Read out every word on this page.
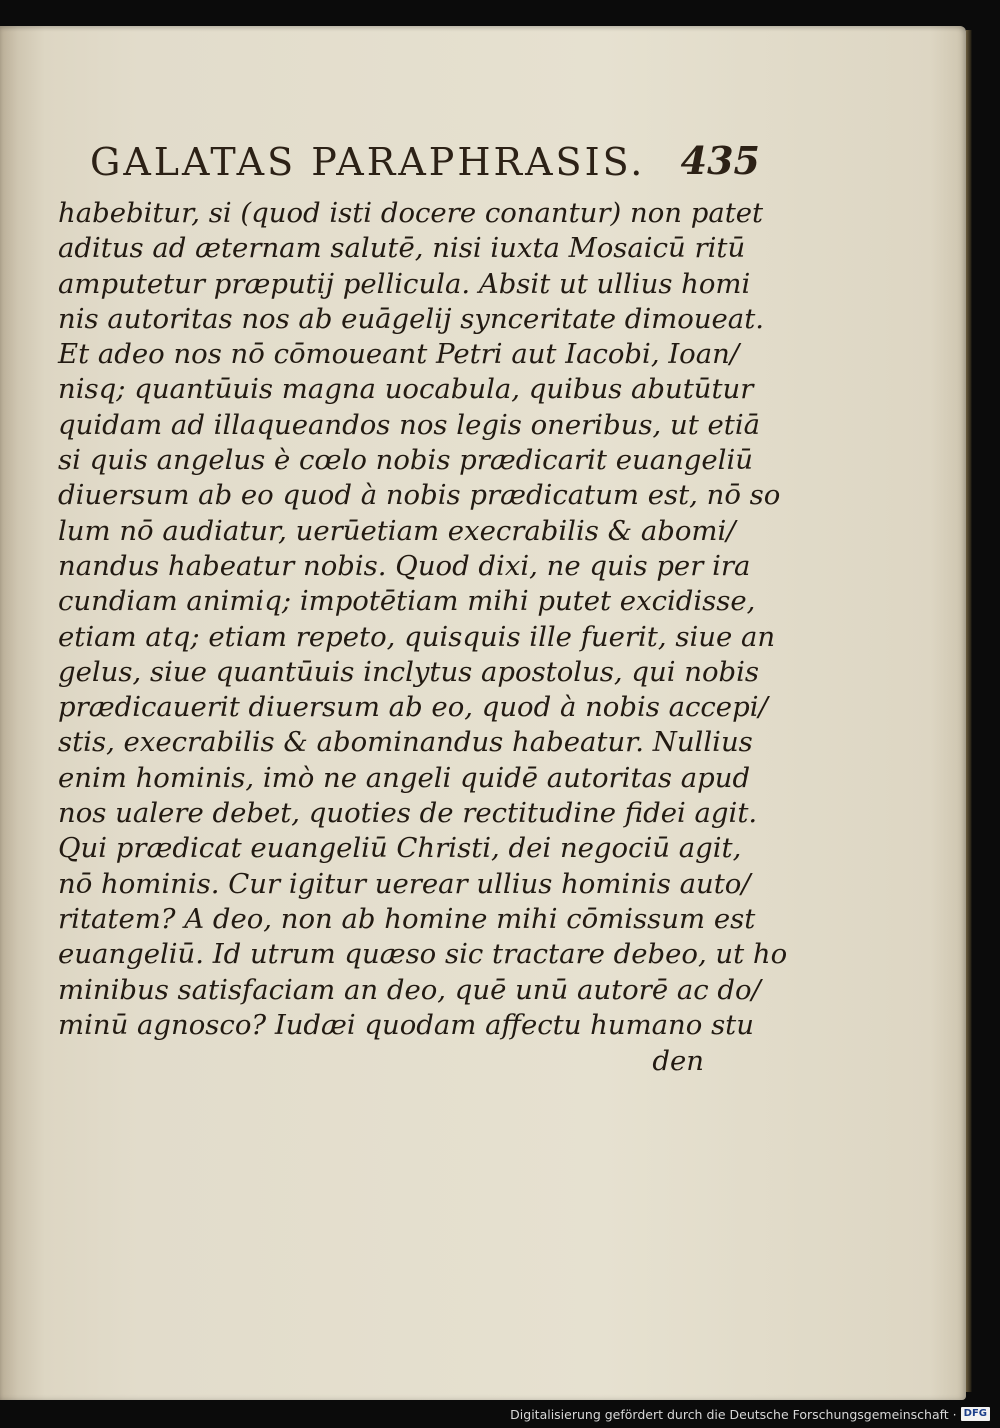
GALATAS PARAPHRASIS. 435
habebitur, si (quod isti docere conantur) non patet
aditus ad æternam salutē, nisi iuxta Mosaicū ritū
amputetur præputij pellicula. Absit ut ullius homi
nis autoritas nos ab euāgelij synceritate dimoueat.
Et adeo nos nō cōmoueant Petri aut Iacobi, Ioan/
nisq; quantūuis magna uocabula, quibus abutūtur
quidam ad illaqueandos nos legis oneribus, ut etiā
si quis angelus è cœlo nobis prædicarit euangeliū
diuersum ab eo quod à nobis prædicatum est, nō so
lum nō audiatur, uerūetiam execrabilis & abomi/
nandus habeatur nobis. Quod dixi, ne quis per ira
cundiam animiq; impotētiam mihi putet excidisse,
etiam atq; etiam repeto, quisquis ille fuerit, siue an
gelus, siue quantūuis inclytus apostolus, qui nobis
prædicauerit diuersum ab eo, quod à nobis accepi/
stis, execrabilis & abominandus habeatur. Nullius
enim hominis, imò ne angeli quidē autoritas apud
nos ualere debet, quoties de rectitudine fidei agit.
Qui prædicat euangeliū Christi, dei negociū agit,
nō hominis. Cur igitur uerear ullius hominis auto/
ritatem? A deo, non ab homine mihi cōmissum est
euangeliū. Id utrum quæso sic tractare debeo, ut ho
minibus satisfaciam an deo, quē unū autorē ac do/
minū agnosco? Iudæi quodam affectu humano stu
den
Digitalisierung gefördert durch die Deutsche Forschungsgemeinschaft · DFG
